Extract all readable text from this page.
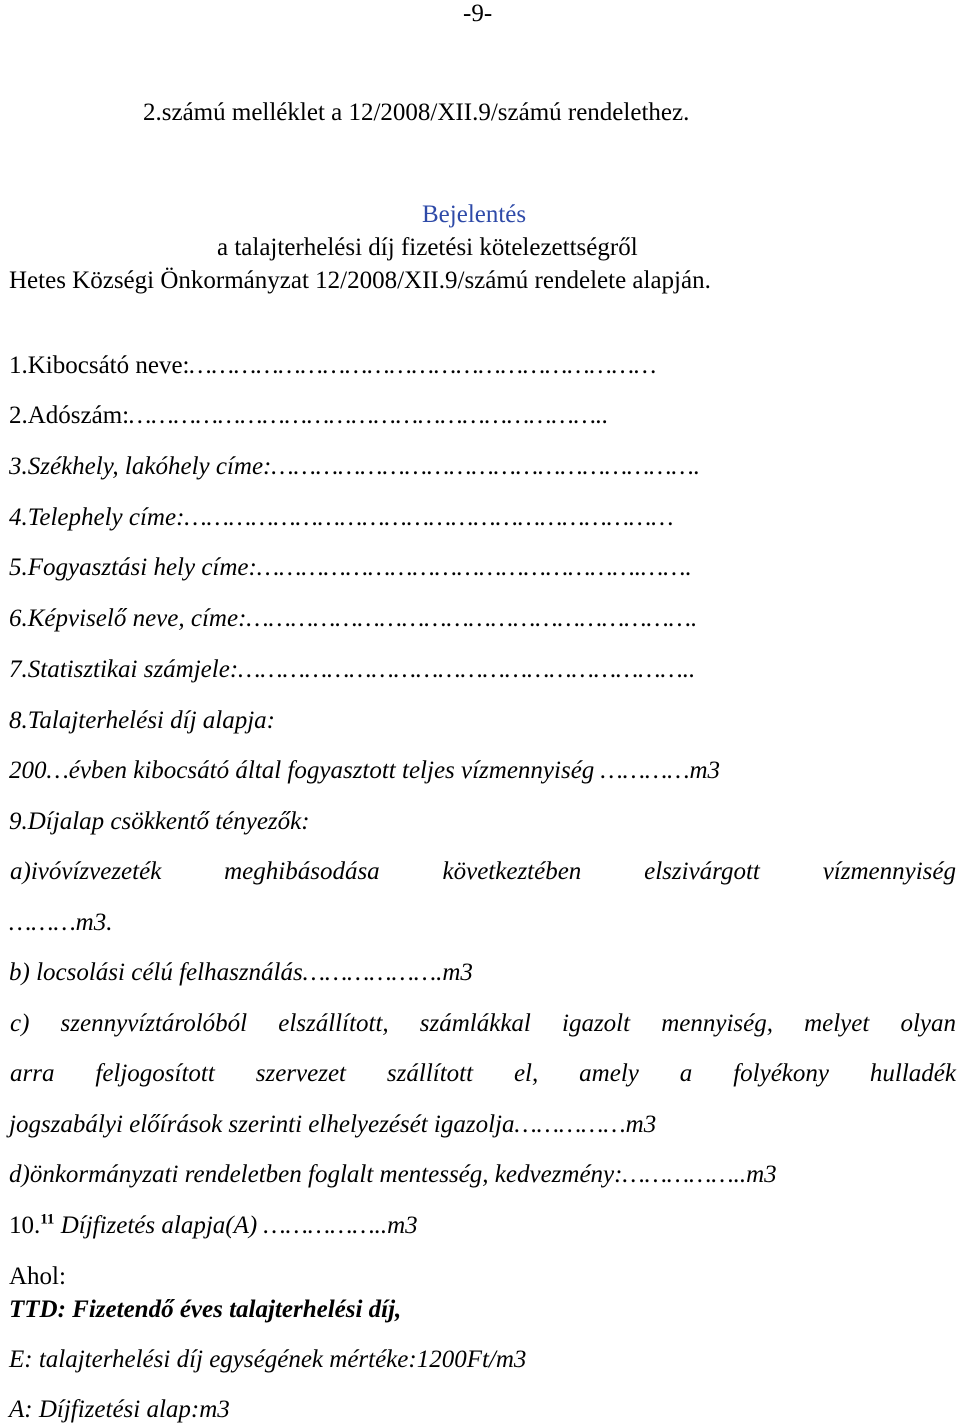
-9-
2.számú melléklet a 12/2008/XII.9/számú rendelethez.
Bejelentés
a talajterhelési díj fizetési kötelezettségről
Hetes Községi Önkormányzat 12/2008/XII.9/számú rendelete alapján.
1.Kibocsátó neve:………………………………………………………
2.Adószám:………………………………………………………..
3.Székhely, lakóhely címe:………………………………………………….
4.Telephely címe:…………………………………………………………
5.Fogyasztási hely címe:…………………………………………….…….
6.Képviselő neve, címe:…………………………………………………….
7.Statisztikai számjele:……………………………………………………..
8.Talajterhelési díj alapja:
200…évben kibocsátó által fogyasztott teljes vízmennyiség …………m3
9.Díjalap csökkentő tényezők:
a)ivóvízvezeték meghibásodása következtében elszivárgott vízmennyiség
………m3.
b) locsolási célú felhasználás……………….m3
c) szennyvíztárolóból elszállított, számlákkal igazolt mennyiség, melyet olyan
arra feljogosított szervezet szállított el, amely a folyékony hulladék
jogszabályi előírások szerinti elhelyezését igazolja……………m3
d)önkormányzati rendeletben foglalt mentesség, kedvezmény:……………..m3
10.11 Díjfizetés alapja(A) ……………..m3
Ahol:
TTD: Fizetendő éves talajterhelési díj,
E: talajterhelési díj egységének mértéke:1200Ft/m3
A: Díjfizetési alap:m3
